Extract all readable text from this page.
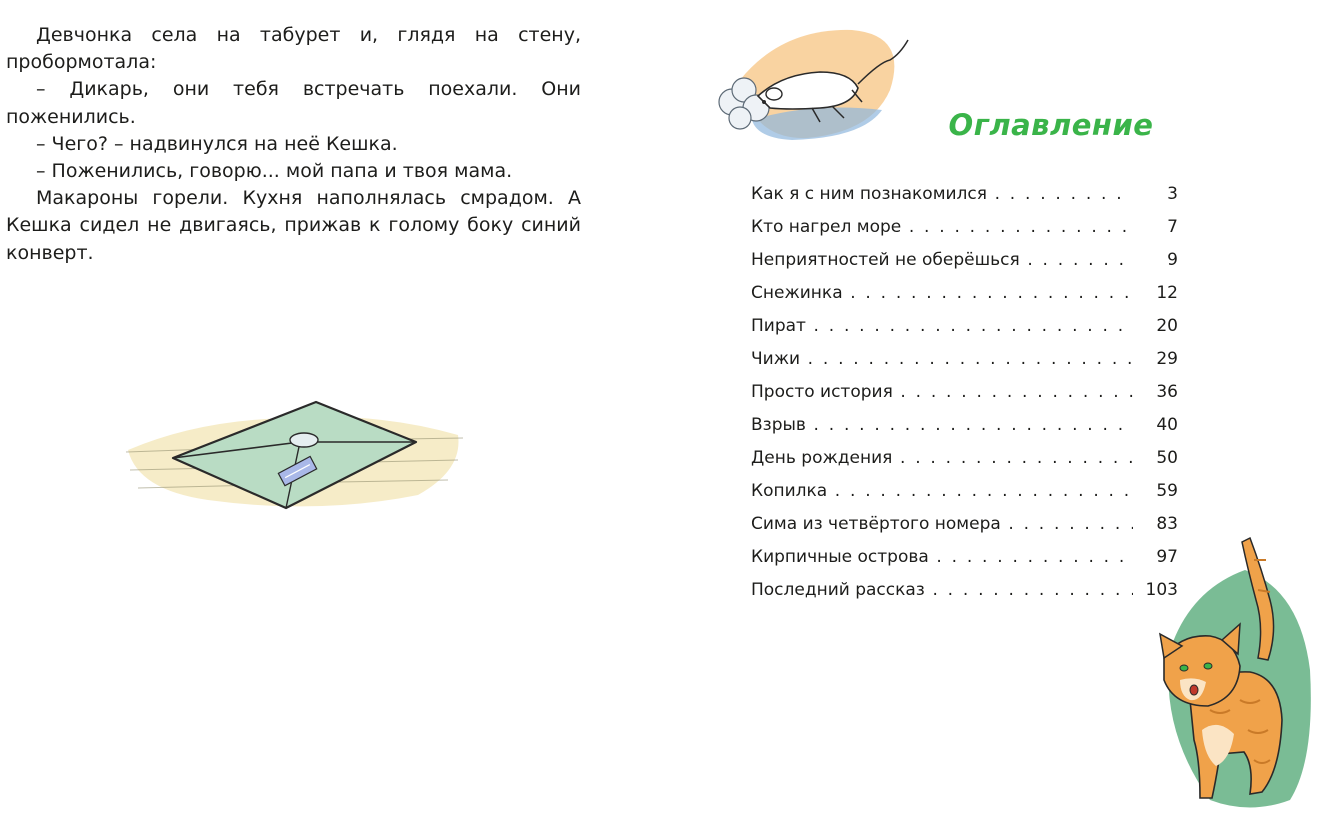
Девчонка села на табурет и, глядя на стену, пробормотала:

– Дикарь, они тебя встречать поехали. Они поженились.

– Чего? – надвинулся на неё Кешка.

– Поженились, говорю... мой папа и твоя мама.

Макароны горели. Кухня наполнялась смрадом. А Кешка сидел не двигаясь, прижав к голому боку синий конверт.

Оглавление
Как я с ним познакомился . . .	3
Кто нагрел море . . .	7
Неприятностей не оберёшься . . .	9
Снежинка . . .	12
Пират . . .	20
Чижи . . .	29
Просто история . . .	36
Взрыв . . .	40
День рождения . . .	50
Копилка . . .	59
Сима из четвёртого номера . . .	83
Кирпичные острова . . .	97
Последний рассказ . . .	103
